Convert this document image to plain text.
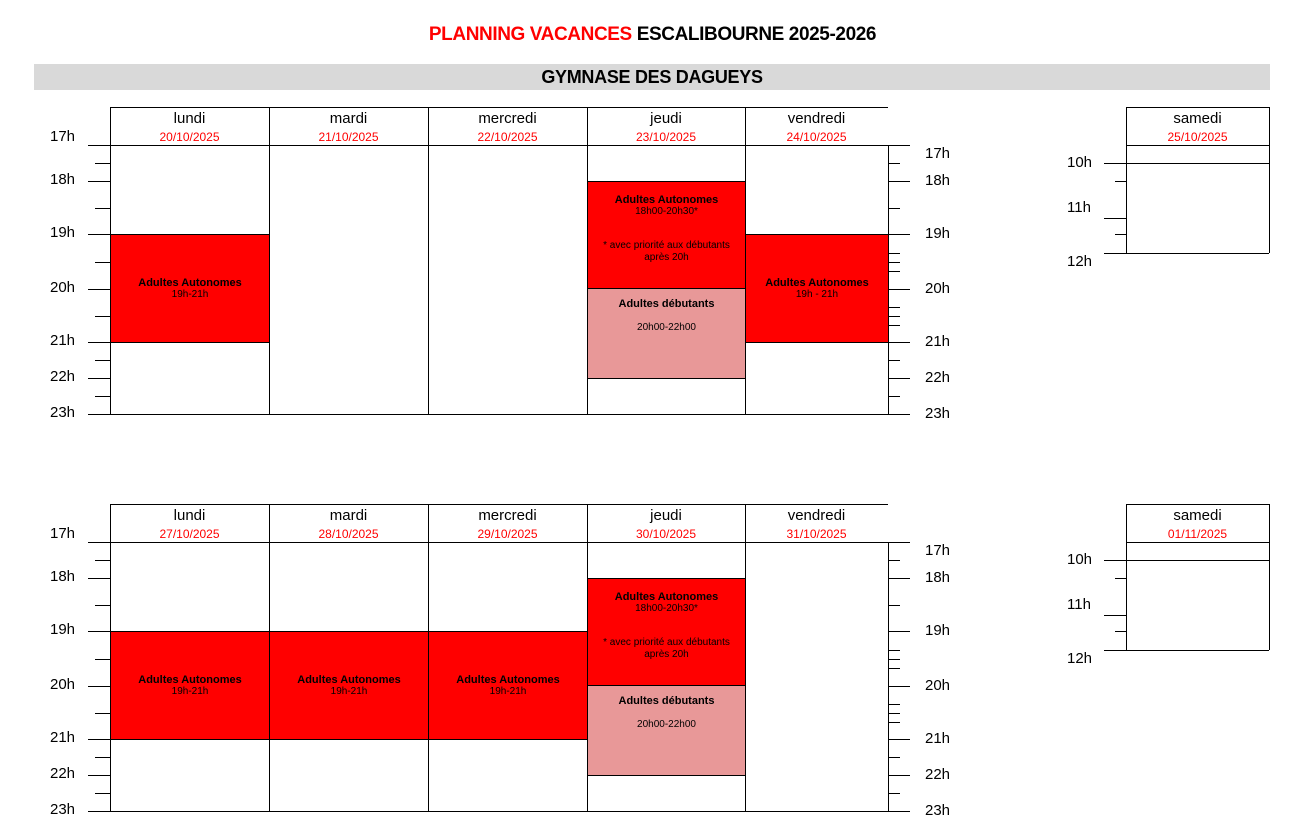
PLANNING VACANCES ESCALIBOURNE 2025-2026
GYMNASE DES DAGUEYS
lundi
20/10/2025
mardi
21/10/2025
mercredi
22/10/2025
jeudi
23/10/2025
vendredi
24/10/2025
17h
17h
18h	18h
19h	19h
20h	20h
21h	21h
22h	22h
23h	23h
Adultes Autonomes
19h-21h
Adultes Autonomes
18h00-20h30*
* avec priorité aux débutants
après 20h
Adultes débutants
20h00-22h00
Adultes Autonomes
19h - 21h
samedi
25/10/2025
10h
11h
12h
lundi
27/10/2025
mardi
28/10/2025
mercredi
29/10/2025
jeudi
30/10/2025
vendredi
31/10/2025
17h
17h
18h	18h
19h	19h
20h	20h
21h	21h
22h	22h
23h	23h
Adultes Autonomes
19h-21h
Adultes Autonomes
19h-21h
Adultes Autonomes
19h-21h
Adultes Autonomes
18h00-20h30*
* avec priorité aux débutants
après 20h
Adultes débutants
20h00-22h00
samedi
01/11/2025
10h
11h
12h
